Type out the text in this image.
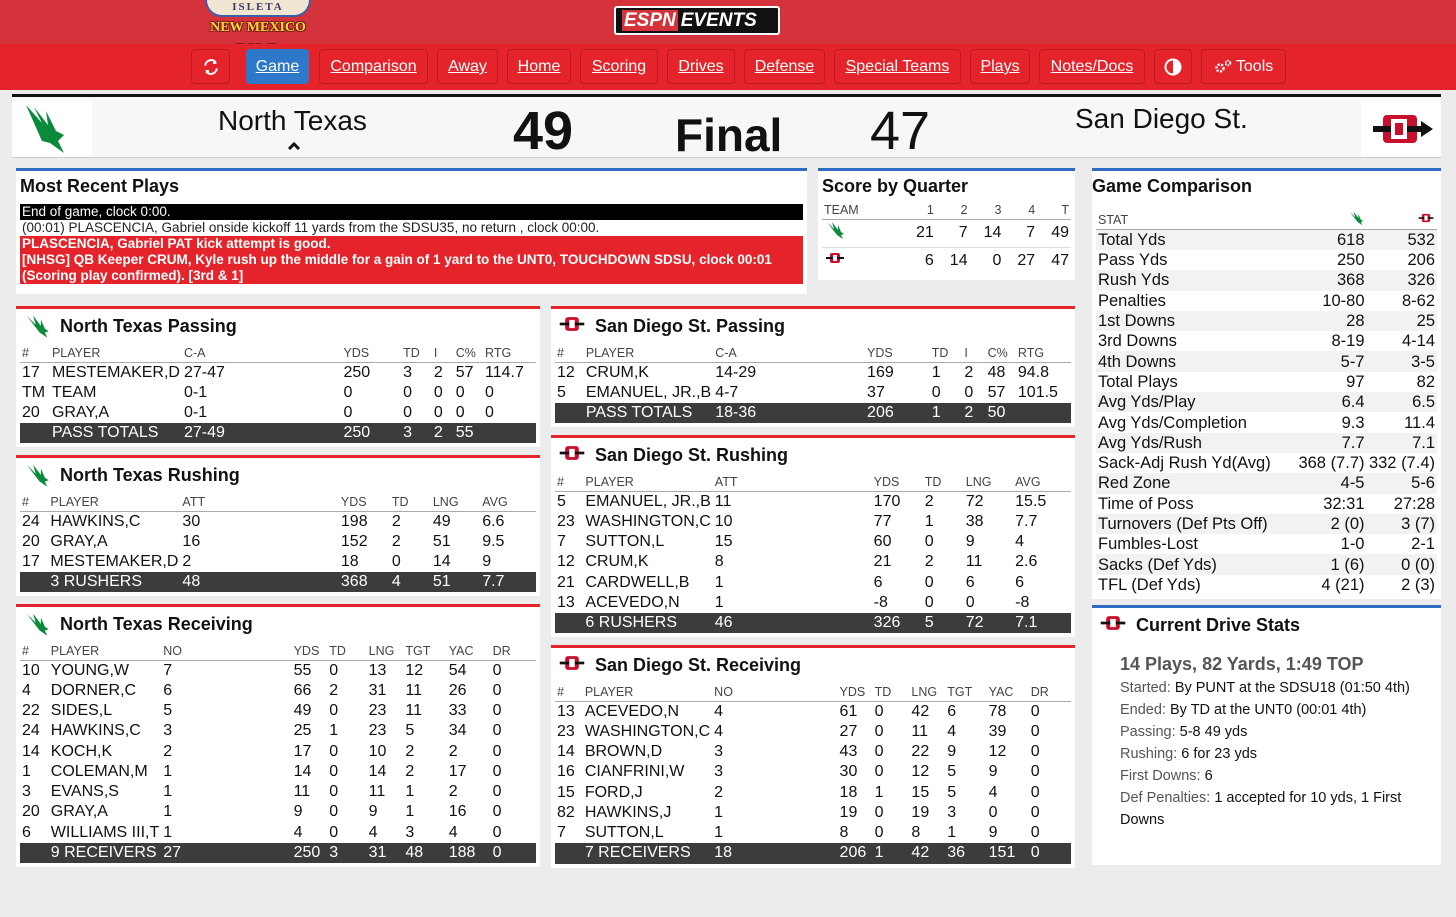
ISLETA
NEW MEXICO	ESPN EVENTS
Game	Comparison	Away	Home	Scoring	Drives	Defense	Special Teams	Plays	Notes/Docs	Tools
North Texas	49 Final 47	San Diego St.
Most Recent Plays
End of game, clock 0:00.
(00:01) PLASCENCIA, Gabriel onside kickoff 11 yards from the SDSU35, no return , clock 00:00.
PLASCENCIA, Gabriel PAT kick attempt is good.
[NHSG] QB Keeper CRUM, Kyle rush up the middle for a gain of 1 yard to the UNT0, TOUCHDOWN SDSU, clock 00:01 (Scoring play confirmed). [3rd & 1]
Score by Quarter
TEAM	1	2	3	4	T
	21	7	14	7	49
	6	14	0	27	47
Game Comparison
STAT		
Total Yds	618	532
Pass Yds	250	206
Rush Yds	368	326
Penalties	10-80	8-62
1st Downs	28	25
3rd Downs	8-19	4-14
4th Downs	5-7	3-5
Total Plays	97	82
Avg Yds/Play	6.4	6.5
Avg Yds/Completion	9.3	11.4
Avg Yds/Rush	7.7	7.1
Sack-Adj Rush Yd(Avg)	368 (7.7)	332 (7.4)
Red Zone	4-5	5-6
Time of Poss	32:31	27:28
Turnovers (Def Pts Off)	2 (0)	3 (7)
Fumbles-Lost	1-0	2-1
Sacks (Def Yds)	1 (6)	0 (0)
TFL (Def Yds)	4 (21)	2 (3)
Current Drive Stats
14 Plays, 82 Yards, 1:49 TOP

Started: By PUNT at the SDSU18 (01:50 4th)

Ended: By TD at the UNT0 (00:01 4th)

Passing: 5-8 49 yds

Rushing: 6 for 23 yds

First Downs: 6

Def Penalties: 1 accepted for 10 yds, 1 First Downs

North Texas Passing
#	PLAYER	C-A	YDS	TD	I	C%	RTG
17	MESTEMAKER,D	27-47	250	3	2	57	114.7
TM	TEAM	0-1	0	0	0	0	0
20	GRAY,A	0-1	0	0	0	0	0
	PASS TOTALS	27-49	250	3	2	55	
North Texas Rushing
#	PLAYER	ATT	YDS	TD	LNG	AVG
24	HAWKINS,C	30	198	2	49	6.6
20	GRAY,A	16	152	2	51	9.5
17	MESTEMAKER,D	2	18	0	14	9
	3 RUSHERS	48	368	4	51	7.7
North Texas Receiving
#	PLAYER	NO	YDS	TD	LNG	TGT	YAC	DR
10	YOUNG,W	7	55	0	13	12	54	0
4	DORNER,C	6	66	2	31	11	26	0
22	SIDES,L	5	49	0	23	11	33	0
24	HAWKINS,C	3	25	1	23	5	34	0
14	KOCH,K	2	17	0	10	2	2	0
1	COLEMAN,M	1	14	0	14	2	17	0
3	EVANS,S	1	11	0	11	1	2	0
20	GRAY,A	1	9	0	9	1	16	0
6	WILLIAMS III,T	1	4	0	4	3	4	0
	9 RECEIVERS	27	250	3	31	48	188	0
San Diego St. Passing
#	PLAYER	C-A	YDS	TD	I	C%	RTG
12	CRUM,K	14-29	169	1	2	48	94.8
5	EMANUEL, JR.,B	4-7	37	0	0	57	101.5
	PASS TOTALS	18-36	206	1	2	50	
San Diego St. Rushing
#	PLAYER	ATT	YDS	TD	LNG	AVG
5	EMANUEL, JR.,B	11	170	2	72	15.5
23	WASHINGTON,C	10	77	1	38	7.7
7	SUTTON,L	15	60	0	9	4
12	CRUM,K	8	21	2	11	2.6
21	CARDWELL,B	1	6	0	6	6
13	ACEVEDO,N	1	-8	0	0	-8
	6 RUSHERS	46	326	5	72	7.1
San Diego St. Receiving
#	PLAYER	NO	YDS	TD	LNG	TGT	YAC	DR
13	ACEVEDO,N	4	61	0	42	6	78	0
23	WASHINGTON,C	4	27	0	11	4	39	0
14	BROWN,D	3	43	0	22	9	12	0
16	CIANFRINI,W	3	30	0	12	5	9	0
15	FORD,J	2	18	1	15	5	4	0
82	HAWKINS,J	1	19	0	19	3	0	0
7	SUTTON,L	1	8	0	8	1	9	0
	7 RECEIVERS	18	206	1	42	36	151	0
